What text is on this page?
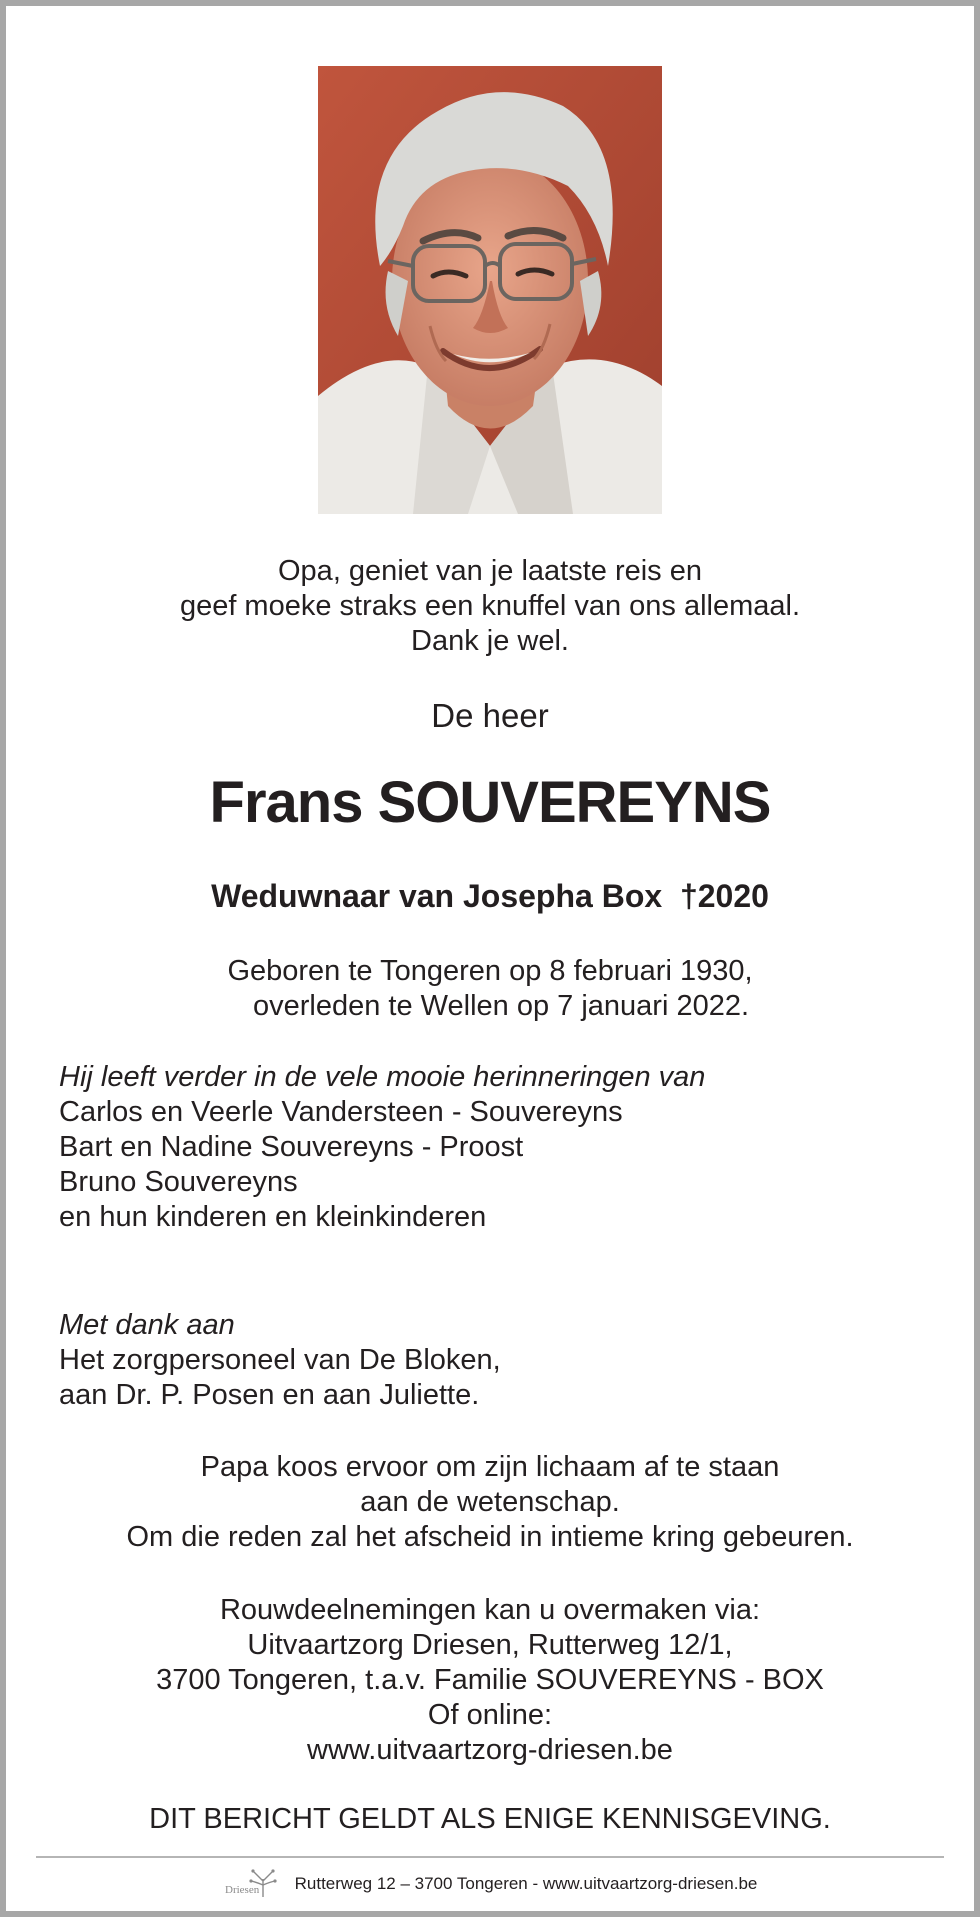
Opa, geniet van je laatste reis en
geef moeke straks een knuffel van ons allemaal.
Dank je wel.
De heer
Frans SOUVEREYNS
Weduwnaar van Josepha Box  †2020
Geboren te Tongeren op 8 februari 1930,
overleden te Wellen op 7 januari 2022.
Hij leeft verder in de vele mooie herinneringen van
Carlos en Veerle Vandersteen - Souvereyns
Bart en Nadine Souvereyns - Proost
Bruno Souvereyns
en hun kinderen en kleinkinderen
Met dank aan
Het zorgpersoneel van De Bloken,
aan Dr. P. Posen en aan Juliette.
Papa koos ervoor om zijn lichaam af te staan
aan de wetenschap.
Om die reden zal het afscheid in intieme kring gebeuren.
Rouwdeelnemingen kan u overmaken via:
Uitvaartzorg Driesen, Rutterweg 12/1,
3700 Tongeren, t.a.v. Familie SOUVEREYNS - BOX
Of online:
www.uitvaartzorg-driesen.be
DIT BERICHT GELDT ALS ENIGE KENNISGEVING.
Driesen Rutterweg 12 – 3700 Tongeren - www.uitvaartzorg-driesen.be
